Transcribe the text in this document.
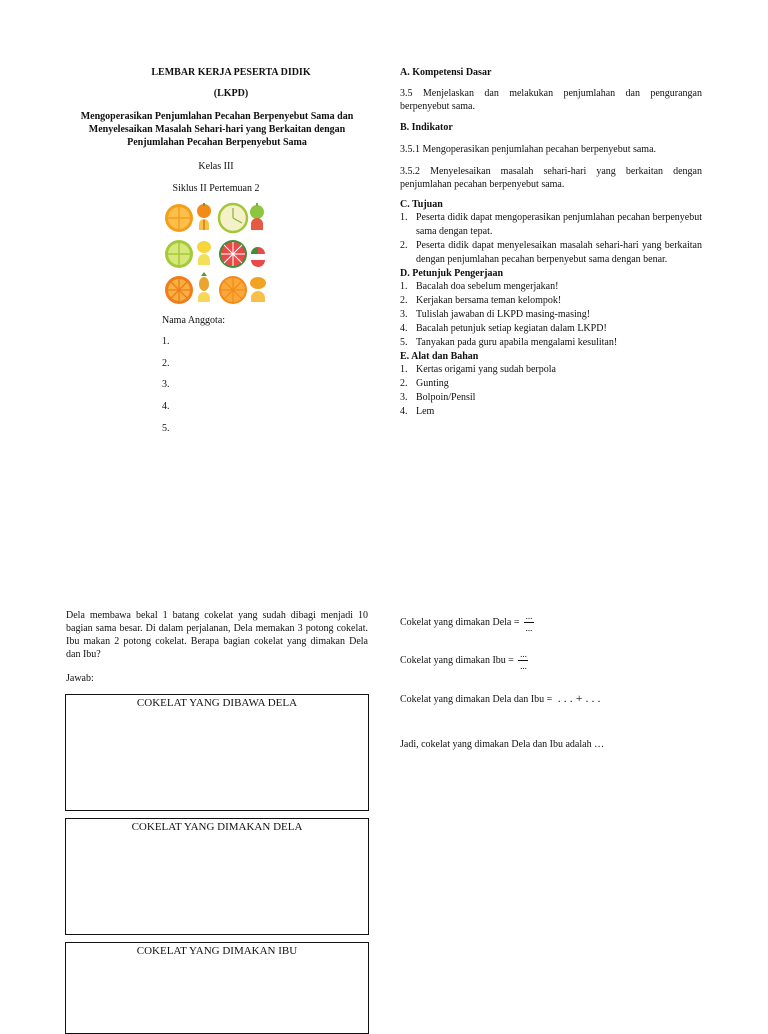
LEMBAR KERJA PESERTA DIDIK
(LKPD)
Mengoperasikan Penjumlahan Pecahan Berpenyebut Sama dan
Menyelesaikan Masalah Sehari-hari yang Berkaitan dengan
Penjumlahan Pecahan Berpenyebut Sama
Kelas III
Siklus II Pertemuan 2
Nama Anggota:
1.
2.
3.
4.
5.
A. Kompetensi Dasar
3.5 Menjelaskan dan melakukan penjumlahan dan pengurangan berpenyebut sama.
B. Indikator
3.5.1 Mengoperasikan penjumlahan pecahan berpenyebut sama.
3.5.2 Menyelesaikan masalah sehari-hari yang berkaitan dengan penjumlahan pecahan berpenyebut sama.
C. Tujuan
1. Peserta didik dapat mengoperasikan penjumlahan pecahan berpenyebut sama dengan tepat.
2. Peserta didik dapat menyelesaikan masalah sehari-hari yang berkaitan dengan penjumlahan pecahan berpenyebut sama dengan benar.
D. Petunjuk Pengerjaan
1. Bacalah doa sebelum mengerjakan!
2. Kerjakan bersama teman kelompok!
3. Tulislah jawaban di LKPD masing-masing!
4. Bacalah petunjuk setiap kegiatan dalam LKPD!
5. Tanyakan pada guru apabila mengalami kesulitan!
E. Alat dan Bahan
1. Kertas origami yang sudah berpola
2. Gunting
3. Bolpoin/Pensil
4. Lem
Dela membawa bekal 1 batang cokelat yang sudah dibagi menjadi 10 bagian sama besar. Di dalam perjalanan, Dela memakan 3 potong cokelat. Ibu makan 2 potong cokelat. Berapa bagian cokelat yang dimakan Dela dan Ibu?
Jawab:
COKELAT YANG DIBAWA DELA
COKELAT YANG DIMAKAN DELA
COKELAT YANG DIMAKAN IBU
Cokelat yang dimakan Dela = $\frac{...}{...}$
Cokelat yang dimakan Ibu = $\frac{...}{...}$
Cokelat yang dimakan Dela dan Ibu = . . . + . . .
Jadi, cokelat yang dimakan Dela dan Ibu adalah …
